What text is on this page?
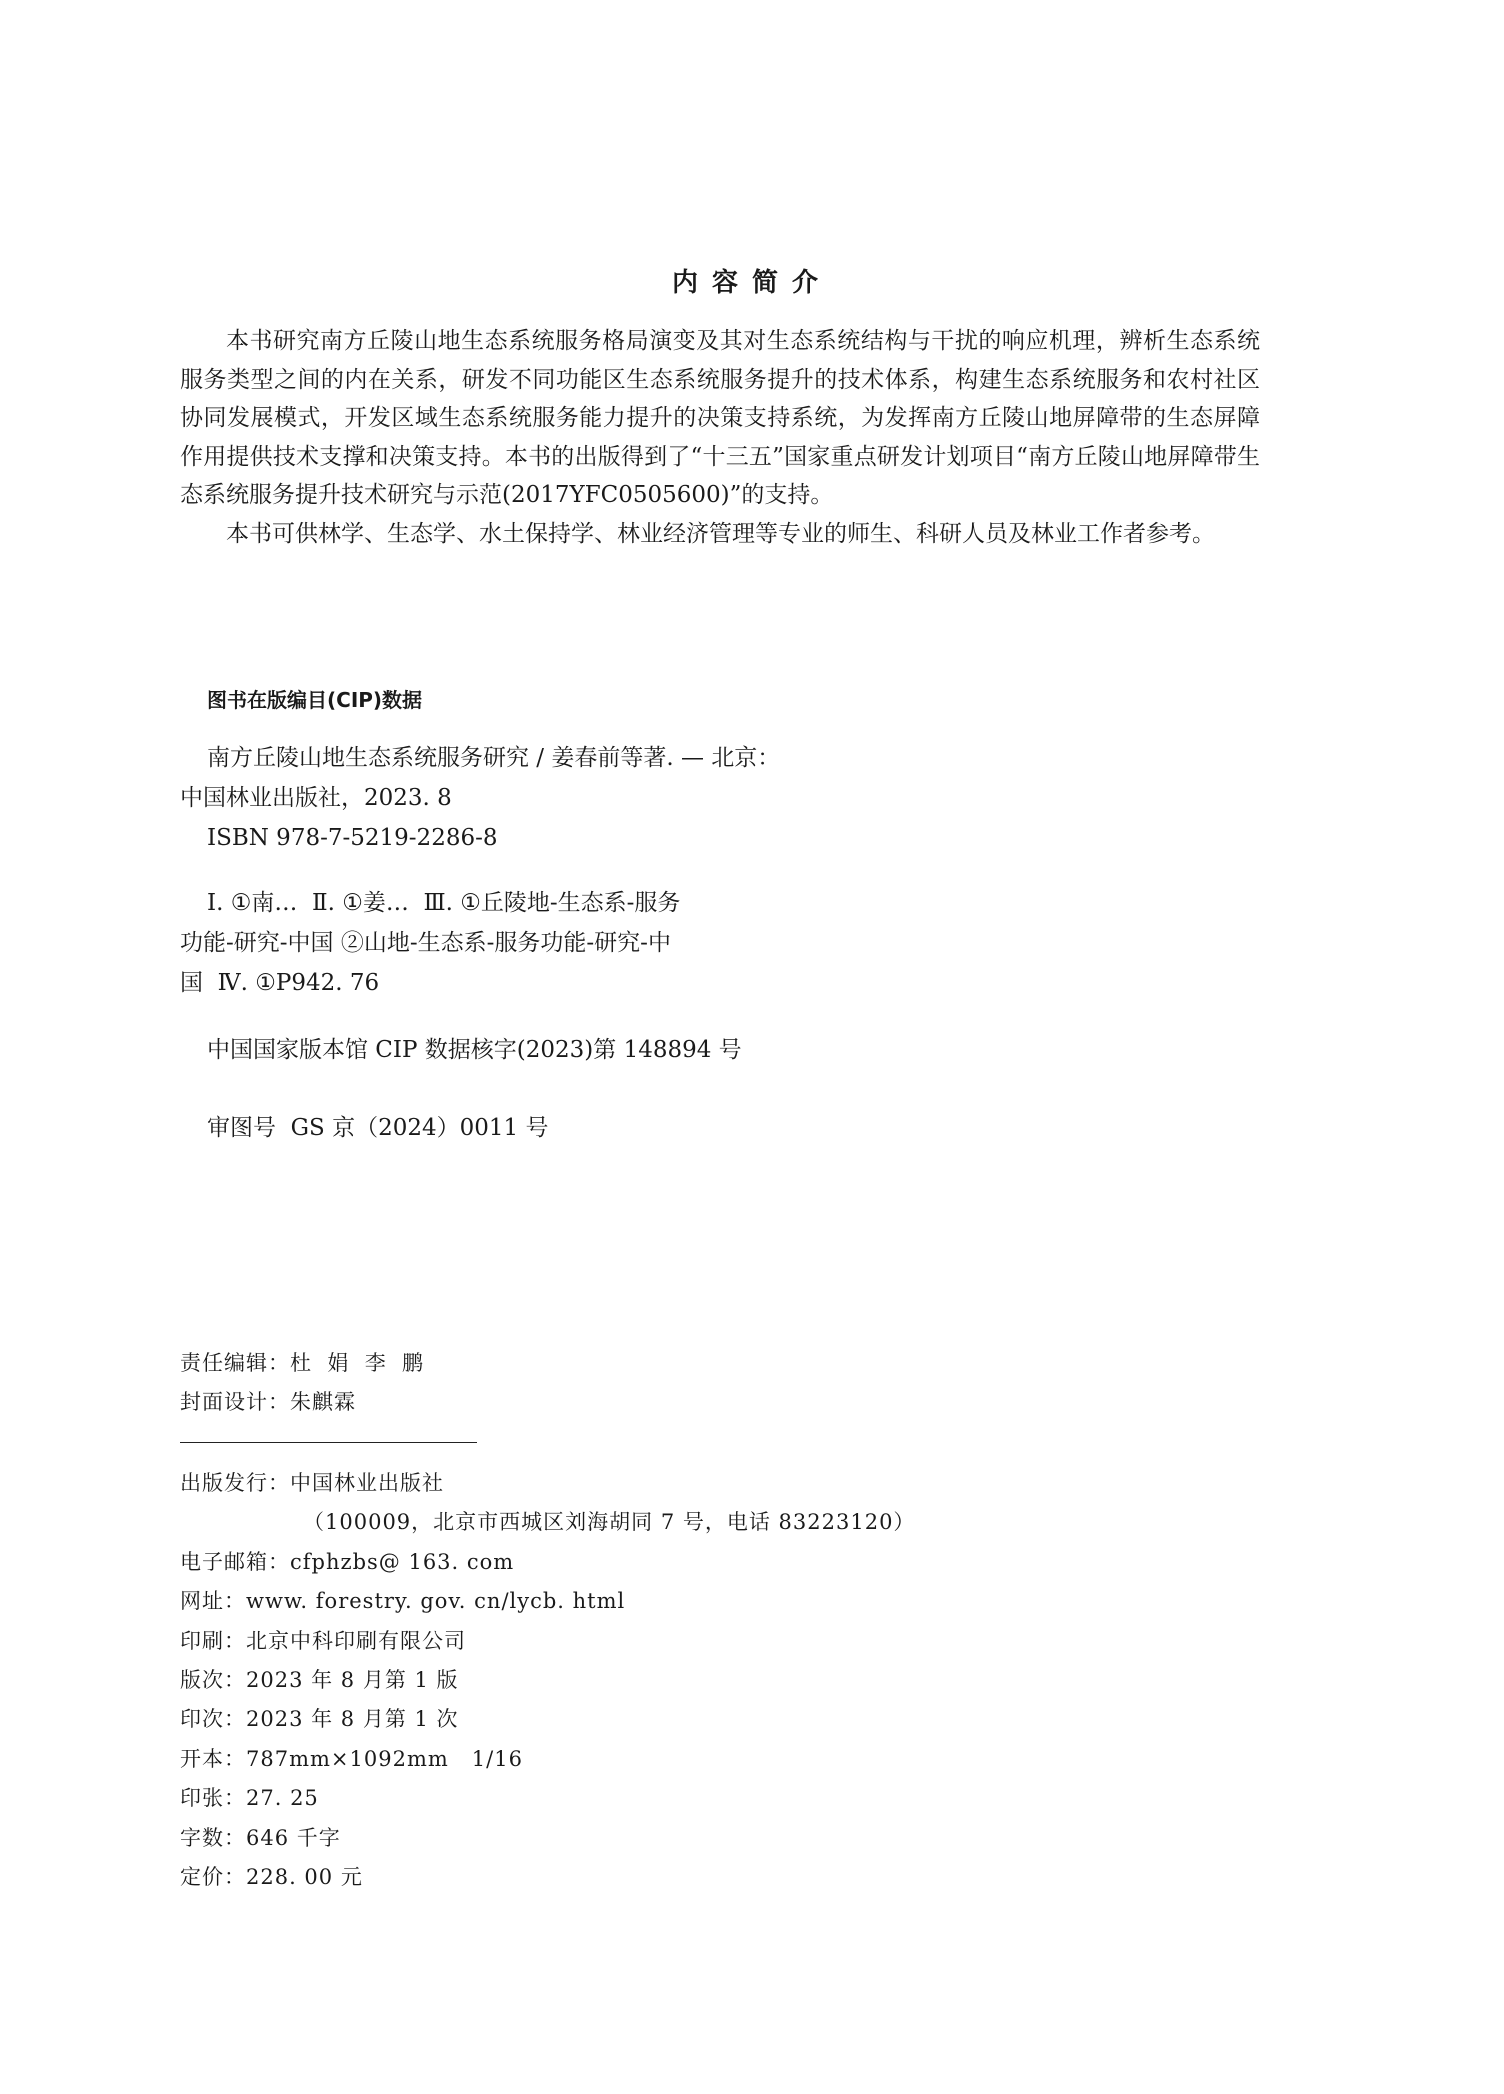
内容简介

本书研究南方丘陵山地生态系统服务格局演变及其对生态系统结构与干扰的响应机理，辨析生态系统服务类型之间的内在关系，研发不同功能区生态系统服务提升的技术体系，构建生态系统服务和农村社区协同发展模式，开发区域生态系统服务能力提升的决策支持系统，为发挥南方丘陵山地屏障带的生态屏障作用提供技术支撑和决策支持。本书的出版得到了“十三五”国家重点研发计划项目“南方丘陵山地屏障带生态系统服务提升技术研究与示范(2017YFC0505600)”的支持。

本书可供林学、生态学、水土保持学、林业经济管理等专业的师生、科研人员及林业工作者参考。

图书在版编目(CIP)数据
南方丘陵山地生态系统服务研究 / 姜春前等著. — 北京：
中国林业出版社，2023. 8
ISBN 978-7-5219-2286-8
Ⅰ. ①南…  Ⅱ. ①姜…  Ⅲ. ①丘陵地-生态系-服务
功能-研究-中国 ②山地-生态系-服务功能-研究-中
国  Ⅳ. ①P942. 76
中国国家版本馆 CIP 数据核字(2023)第 148894 号
审图号  GS 京（2024）0011 号
责任编辑：杜  娟  李  鹏
封面设计：朱麒霖
出版发行：中国林业出版社
（100009，北京市西城区刘海胡同 7 号，电话 83223120）
电子邮箱：cfphzbs@ 163. com
网址：www. forestry. gov. cn/lycb. html
印刷：北京中科印刷有限公司
版次：2023 年 8 月第 1 版
印次：2023 年 8 月第 1 次
开本：787mm×1092mm   1/16
印张：27. 25
字数：646 千字
定价：228. 00 元
